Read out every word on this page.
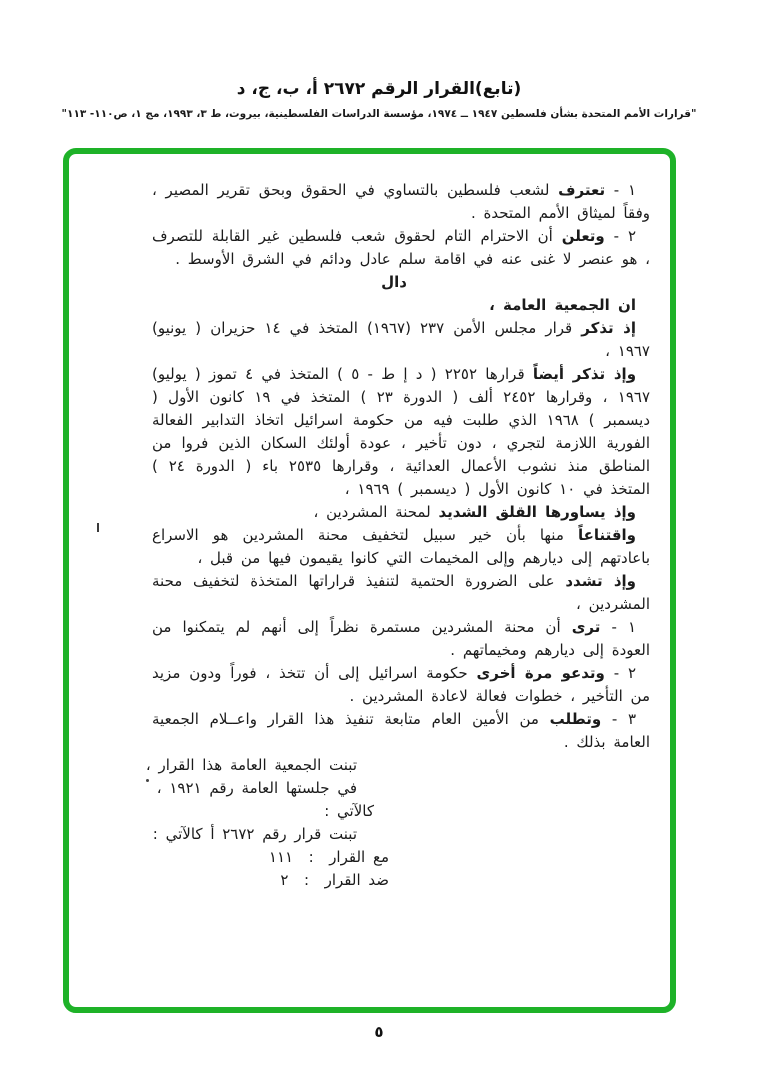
(تابع)القرار الرقم ٢٦٧٢ أ، ب، ج، د
"قرارات الأمم المتحدة بشأن فلسطين ١٩٤٧ ــ ١٩٧٤، مؤسسة الدراسات الفلسطينية، بيروت، ط ٣، ١٩٩٣، مج ١، ص١١٠- ١١٣"

١ - تعترف لشعب فلسطين بالتساوي في الحقوق وبحق تقرير المصير ، وفقاً لميثاق الأمم المتحدة .

٢ - وتعلن أن الاحترام التام لحقوق شعب فلسطين غير القابلة للتصرف ، هو عنصر لا غنى عنه في اقامة سلم عادل ودائم في الشرق الأوسط .

دال

ان الجمعية العامة ،

إذ تذكر قرار مجلس الأمن ٢٣٧ (١٩٦٧) المتخذ في ١٤ حزيران ( يونيو) ١٩٦٧ ،

وإذ تذكر أيضاً قرارها ٢٢٥٢ ( د إ ط - ٥ ) المتخذ في ٤ تموز ( يوليو) ١٩٦٧ ، وقرارها ٢٤٥٢ ألف ( الدورة ٢٣ ) المتخذ في ١٩ كانون الأول ( ديسمبر ) ١٩٦٨ الذي طلبت فيه من حكومة اسرائيل اتخاذ التدابير الفعالة الفورية اللازمة لتجري ، دون تأخير ، عودة أولئك السكان الذين فروا من المناطق منذ نشوب الأعمال العدائية ، وقرارها ٢٥٣٥ باء ( الدورة ٢٤ ) المتخذ في ١٠ كانون الأول ( ديسمبر ) ١٩٦٩ ،

وإذ يساورها القلق الشديد لمحنة المشردين ،

واقتناعاً منها بأن خير سبيل لتخفيف محنة المشردين هو الاسراع باعادتهم إلى ديارهم وإلى المخيمات التي كانوا يقيمون فيها من قبل ،

وإذ تشدد على الضرورة الحتمية لتنفيذ قراراتها المتخذة لتخفيف محنة المشردين ،

١ - ترى أن محنة المشردين مستمرة نظراً إلى أنهم لم يتمكنوا من العودة إلى ديارهم ومخيماتهم .

٢ - وتدعو مرة أخرى حكومة اسرائيل إلى أن تتخذ ، فوراً ودون مزيد من التأخير ، خطوات فعالة لاعادة المشردين .

٣ - وتطلب من الأمين العام متابعة تنفيذ هذا القرار واعــلام الجمعية العامة بذلك .

تبنت الجمعية العامة هذا القرار ،
في جلستها العامة رقم ١٩٢١ ،
كالآتي :
تبنت قرار رقم ٢٦٧٢ أ كالآتي :
مع القرار  :  ١١١
ضد القرار  :  ٢
٥
